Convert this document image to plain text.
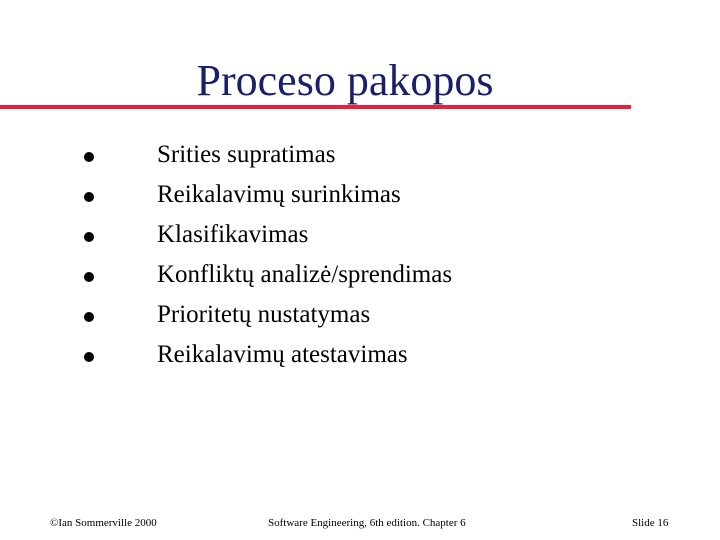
Proceso pakopos
Srities supratimas
Reikalavimų surinkimas
Klasifikavimas
Konfliktų analizė/sprendimas
Prioritetų nustatymas
Reikalavimų atestavimas
©Ian Sommerville 2000	Software Engineering, 6th edition. Chapter 6	Slide 16
